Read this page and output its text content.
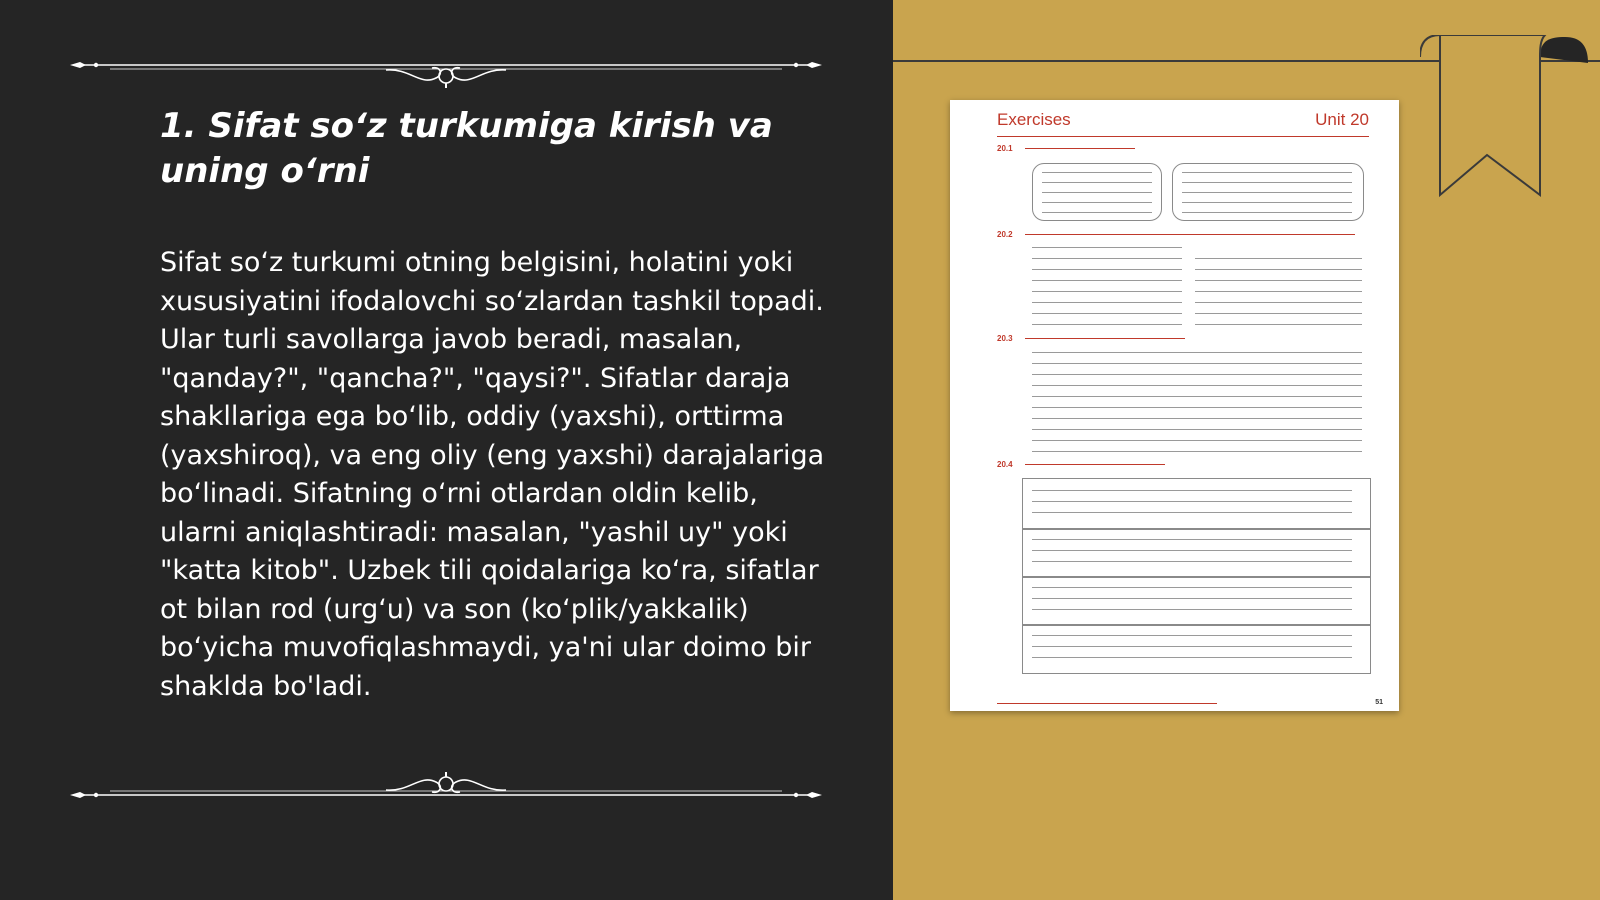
1. Sifat so‘z turkumiga kirish va uning o‘rni

Sifat so‘z turkumi otning belgisini, holatini yoki xususiyatini ifodalovchi so‘zlardan tashkil topadi. Ular turli savollarga javob beradi, masalan, "qanday?", "qancha?", "qaysi?". Sifatlar daraja shakllariga ega bo‘lib, oddiy (yaxshi), orttirma (yaxshiroq), va eng oliy (eng yaxshi) darajalariga bo‘linadi. Sifatning o‘rni otlardan oldin kelib, ularni aniqlashtiradi: masalan, "yashil uy" yoki "katta kitob". Uzbek tili qoidalariga ko‘ra, sifatlar ot bilan rod (urg‘u) va son (ko‘plik/yakkalik) bo‘yicha muvofiqlashmaydi, ya'ni ular doimo bir shaklda bo'ladi.

Exercises	Unit 20
20.1
20.2
20.3
20.4
51
